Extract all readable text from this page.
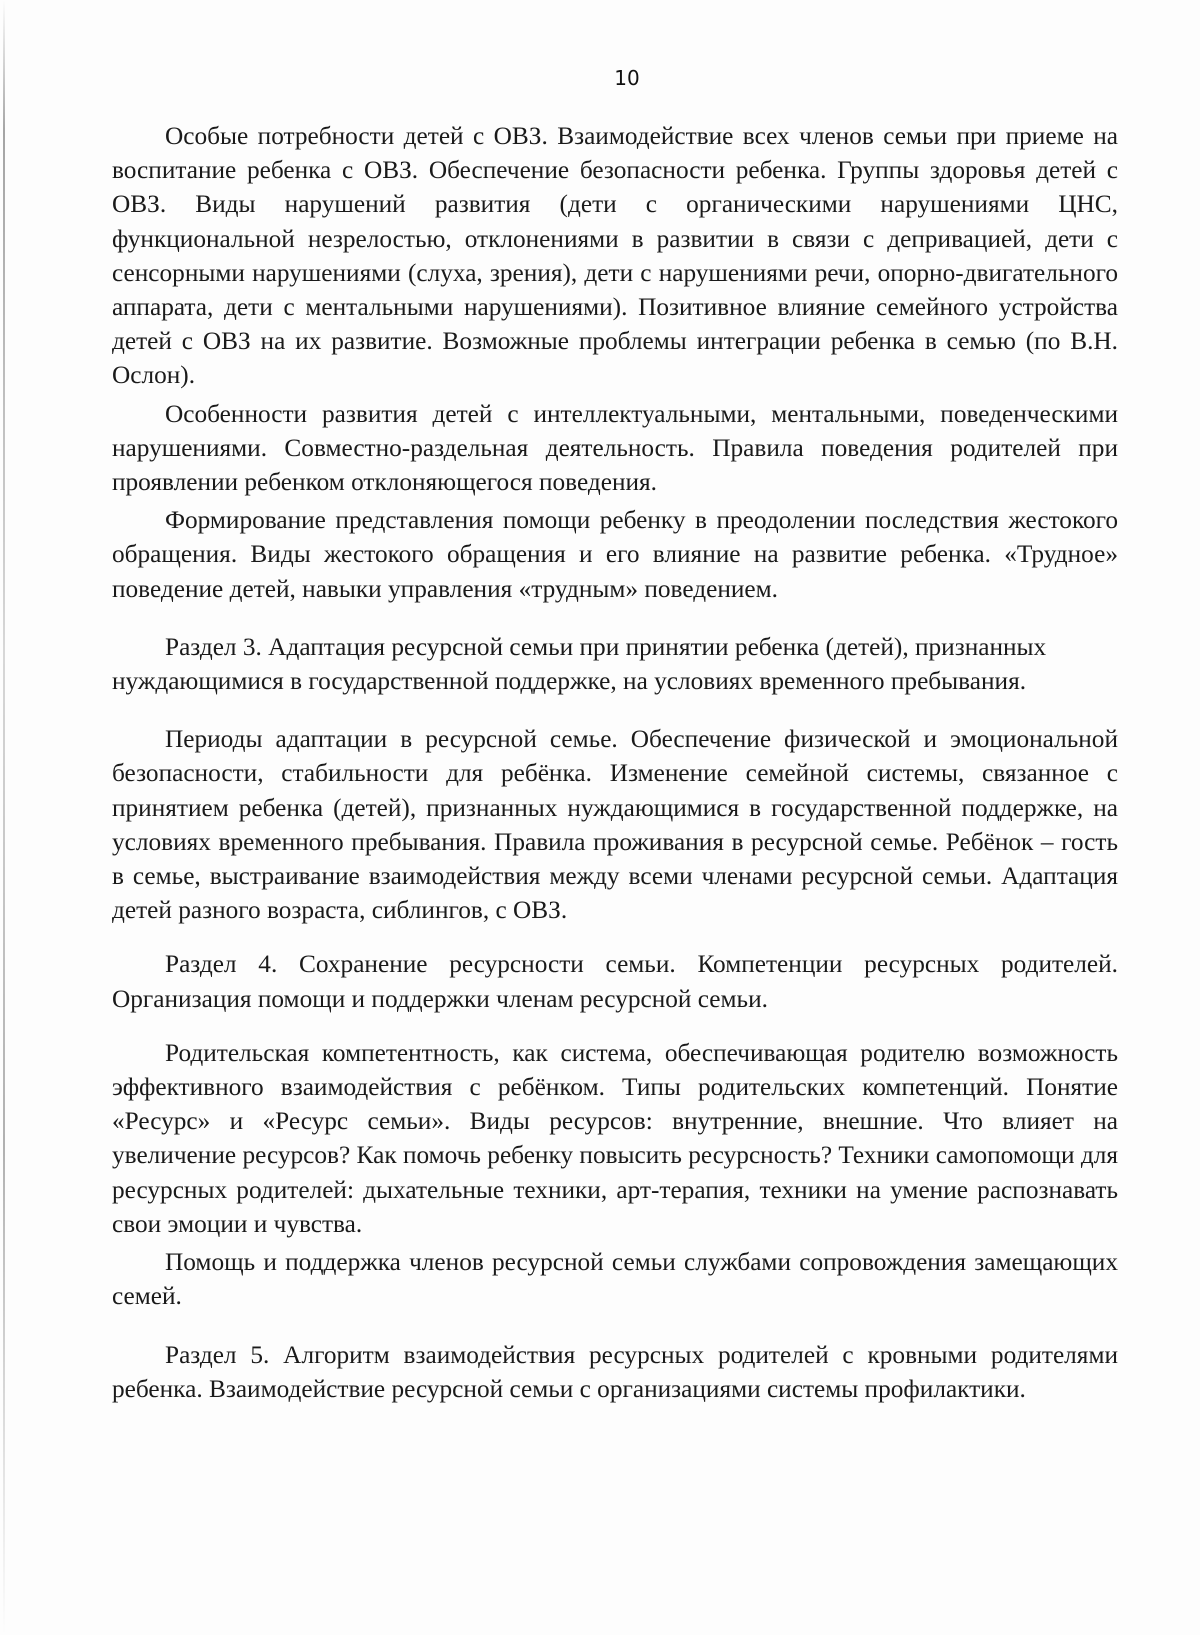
10

Особые потребности детей с ОВЗ. Взаимодействие всех членов семьи при приеме на воспитание ребенка с ОВЗ. Обеспечение безопасности ребенка. Группы здоровья детей с ОВЗ. Виды нарушений развития (дети с органическими нарушениями ЦНС, функциональной незрелостью, отклонениями в развитии в связи с депривацией, дети с сенсорными нарушениями (слуха, зрения), дети с нарушениями речи, опорно-двигательного аппарата, дети с ментальными нарушениями). Позитивное влияние семейного устройства детей с ОВЗ на их развитие. Возможные проблемы интеграции ребенка в семью (по В.Н. Ослон).

Особенности развития детей с интеллектуальными, ментальными, поведенческими нарушениями. Совместно-раздельная деятельность. Правила поведения родителей при проявлении ребенком отклоняющегося поведения.

Формирование представления помощи ребенку в преодолении последствия жестокого обращения. Виды жестокого обращения и его влияние на развитие ребенка. «Трудное» поведение детей, навыки управления «трудным» поведением.

Раздел 3. Адаптация ресурсной семьи при принятии ребенка (детей), признанных нуждающимися в государственной поддержке, на условиях временного пребывания.

Периоды адаптации в ресурсной семье. Обеспечение физической и эмоциональной безопасности, стабильности для ребёнка. Изменение семейной системы, связанное с принятием ребенка (детей), признанных нуждающимися в государственной поддержке, на условиях временного пребывания. Правила проживания в ресурсной семье. Ребёнок – гость в семье, выстраивание взаимодействия между всеми членами ресурсной семьи. Адаптация детей разного возраста, сиблингов, с ОВЗ.

Раздел 4. Сохранение ресурсности семьи. Компетенции ресурсных родителей. Организация помощи и поддержки членам ресурсной семьи.

Родительская компетентность, как система, обеспечивающая родителю возможность эффективного взаимодействия с ребёнком. Типы родительских компетенций. Понятие «Ресурс» и «Ресурс семьи». Виды ресурсов: внутренние, внешние. Что влияет на увеличение ресурсов? Как помочь ребенку повысить ресурсность? Техники самопомощи для ресурсных родителей: дыхательные техники, арт-терапия, техники на умение распознавать свои эмоции и чувства.

Помощь и поддержка членов ресурсной семьи службами сопровождения замещающих семей.

Раздел 5. Алгоритм взаимодействия ресурсных родителей с кровными родителями ребенка. Взаимодействие ресурсной семьи с организациями системы профилактики.
